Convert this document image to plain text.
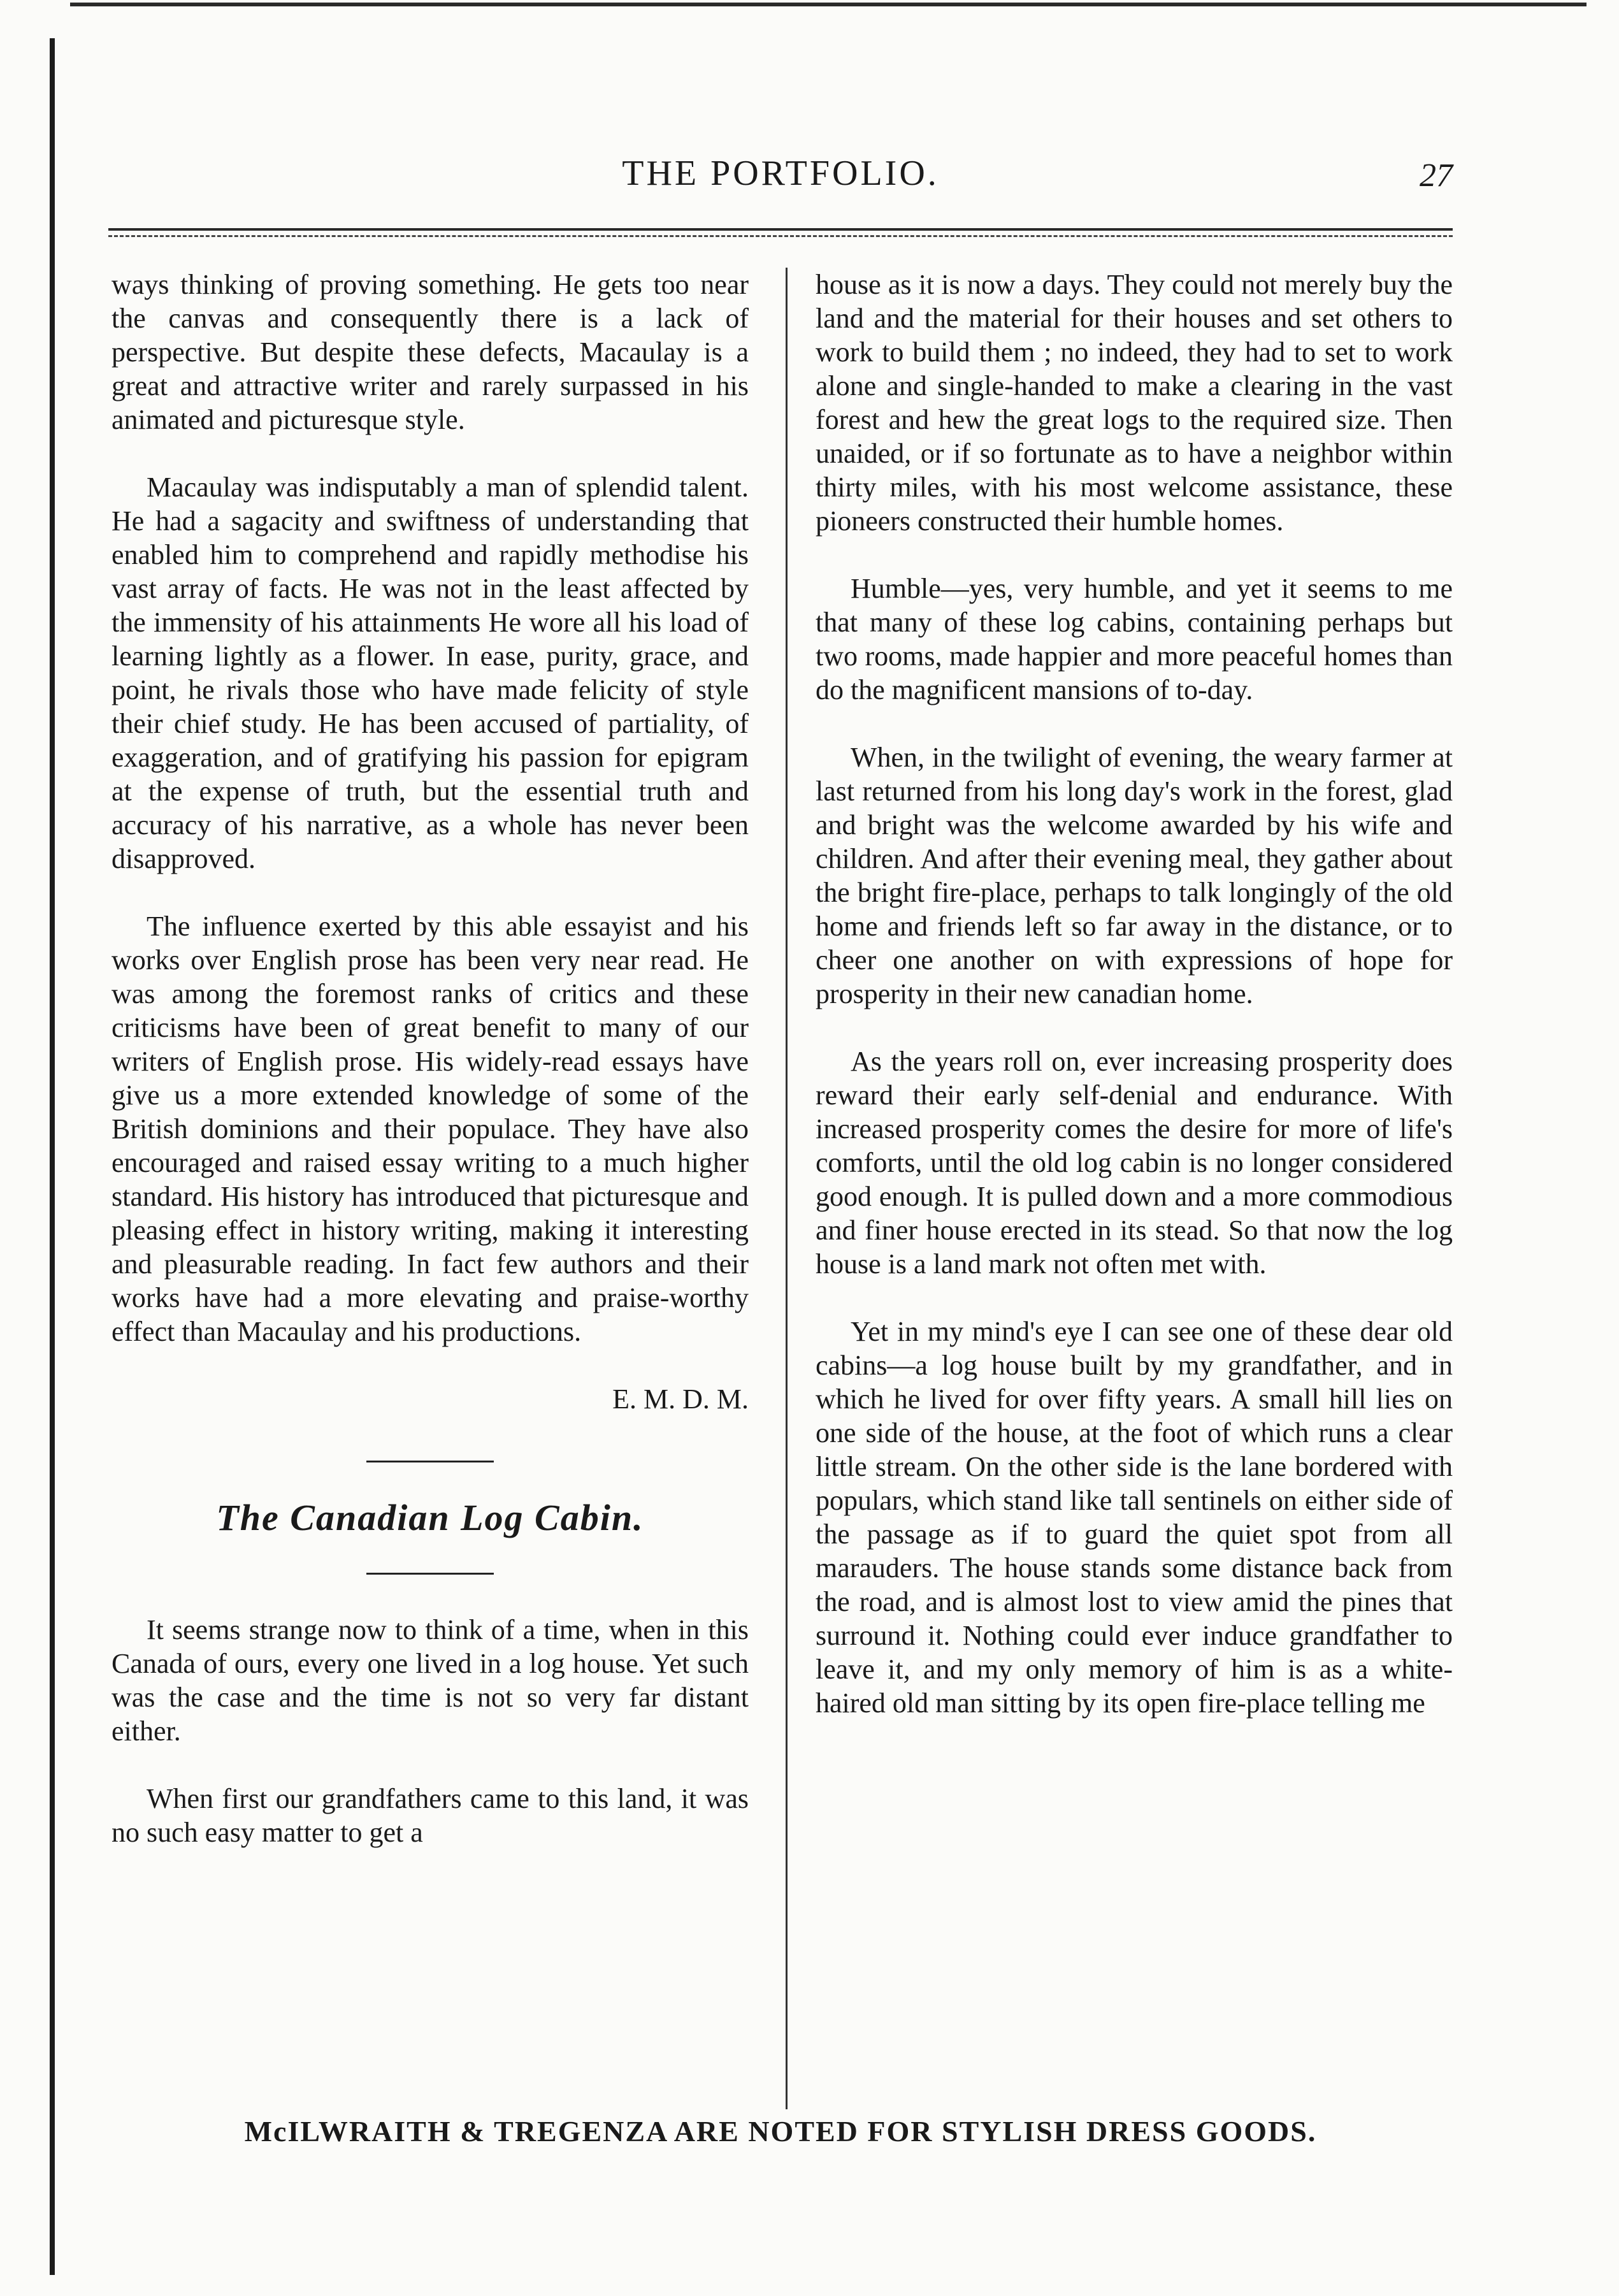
THE PORTFOLIO.	27

ways thinking of proving something. He gets too near the canvas and consequently there is a lack of perspective. But despite these defects, Macaulay is a great and attractive writer and rarely surpassed in his animated and picturesque style.

Macaulay was indisputably a man of splendid talent. He had a sagacity and swiftness of understanding that enabled him to comprehend and rapidly methodise his vast array of facts. He was not in the least affected by the immensity of his attainments He wore all his load of learning lightly as a flower. In ease, purity, grace, and point, he rivals those who have made felicity of style their chief study. He has been accused of partiality, of exaggeration, and of gratifying his passion for epigram at the expense of truth, but the essential truth and accuracy of his narrative, as a whole has never been disapproved.

The influence exerted by this able essayist and his works over English prose has been very near read. He was among the foremost ranks of critics and these criticisms have been of great benefit to many of our writers of English prose. His widely-read essays have give us a more extended knowledge of some of the British dominions and their populace. They have also encouraged and raised essay writing to a much higher standard. His history has introduced that picturesque and pleasing effect in history writing, making it interesting and pleasurable reading. In fact few authors and their works have had a more elevating and praise-worthy effect than Macaulay and his productions.

E. M. D. M.
The Canadian Log Cabin.

It seems strange now to think of a time, when in this Canada of ours, every one lived in a log house. Yet such was the case and the time is not so very far distant either.

When first our grandfathers came to this land, it was no such easy matter to get a

house as it is now a days. They could not merely buy the land and the material for their houses and set others to work to build them ; no indeed, they had to set to work alone and single-handed to make a clearing in the vast forest and hew the great logs to the required size. Then unaided, or if so fortunate as to have a neighbor within thirty miles, with his most welcome assistance, these pioneers constructed their humble homes.

Humble—yes, very humble, and yet it seems to me that many of these log cabins, containing perhaps but two rooms, made happier and more peaceful homes than do the magnificent mansions of to-day.

When, in the twilight of evening, the weary farmer at last returned from his long day's work in the forest, glad and bright was the welcome awarded by his wife and children. And after their evening meal, they gather about the bright fire-place, perhaps to talk longingly of the old home and friends left so far away in the distance, or to cheer one another on with expressions of hope for prosperity in their new canadian home.

As the years roll on, ever increasing prosperity does reward their early self-denial and endurance. With increased prosperity comes the desire for more of life's comforts, until the old log cabin is no longer considered good enough. It is pulled down and a more commodious and finer house erected in its stead. So that now the log house is a land mark not often met with.

Yet in my mind's eye I can see one of these dear old cabins—a log house built by my grandfather, and in which he lived for over fifty years. A small hill lies on one side of the house, at the foot of which runs a clear little stream. On the other side is the lane bordered with populars, which stand like tall sentinels on either side of the passage as if to guard the quiet spot from all marauders. The house stands some distance back from the road, and is almost lost to view amid the pines that surround it. Nothing could ever induce grandfather to leave it, and my only memory of him is as a white-haired old man sitting by its open fire-place telling me

McILWRAITH & TREGENZA ARE NOTED FOR STYLISH DRESS GOODS.
